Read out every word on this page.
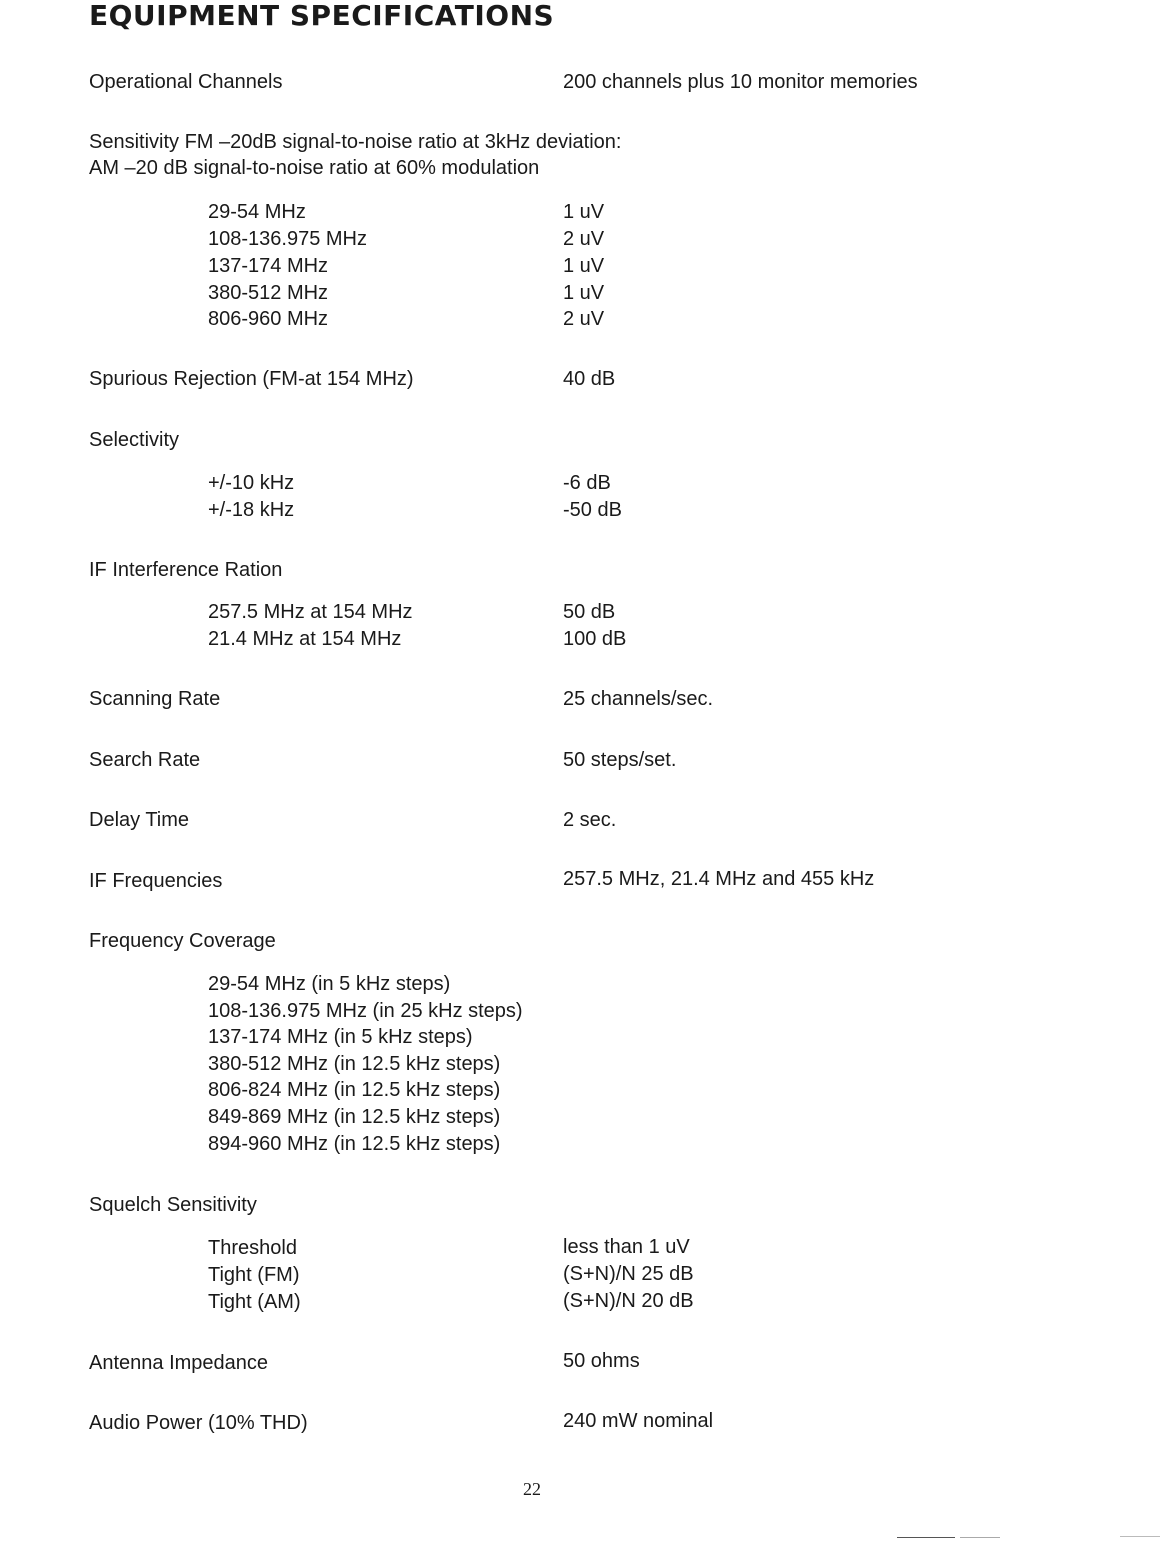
EQUIPMENT SPECIFICATIONS
Operational Channels	200 channels plus 10 monitor memories
Sensitivity FM –20dB signal-to-noise ratio at 3kHz deviation:
AM –20 dB signal-to-noise ratio at 60% modulation
29-54 MHz	1 uV
108-136.975 MHz	2 uV
137-174 MHz	1 uV
380-512 MHz	1 uV
806-960 MHz	2 uV
Spurious Rejection (FM-at 154 MHz)	40 dB
Selectivity
+/-10 kHz	-6 dB
+/-18 kHz	-50 dB
IF Interference Ration
257.5 MHz at 154 MHz	50 dB
21.4 MHz at 154 MHz	100 dB
Scanning Rate	25 channels/sec.
Search Rate	50 steps/set.
Delay Time	2 sec.
IF Frequencies	257.5 MHz, 21.4 MHz and 455 kHz
Frequency Coverage
29-54 MHz (in 5 kHz steps)
108-136.975 MHz (in 25 kHz steps)
137-174 MHz (in 5 kHz steps)
380-512 MHz (in 12.5 kHz steps)
806-824 MHz (in 12.5 kHz steps)
849-869 MHz (in 12.5 kHz steps)
894-960 MHz (in 12.5 kHz steps)
Squelch Sensitivity
Threshold	less than 1 uV
Tight (FM)	(S+N)/N 25 dB
Tight (AM)	(S+N)/N 20 dB
Antenna Impedance	50 ohms
Audio Power (10% THD)	240 mW nominal
22
